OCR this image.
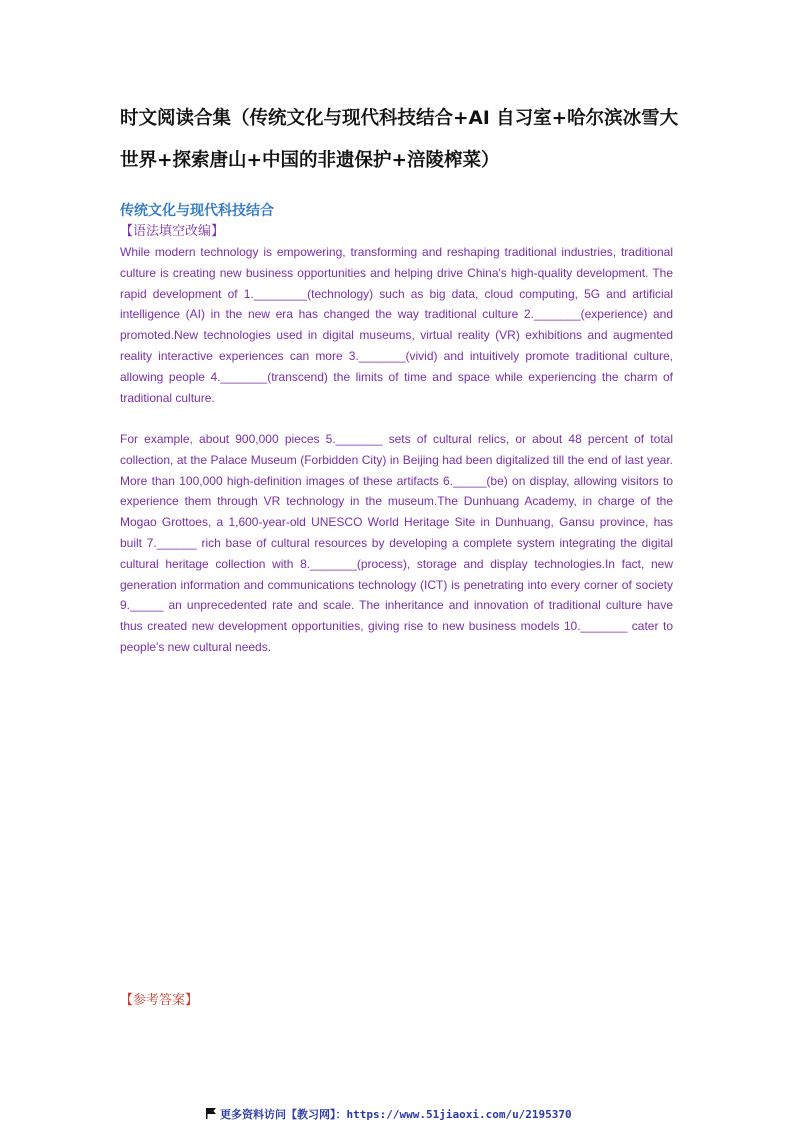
时文阅读合集（传统文化与现代科技结合+AI 自习室+哈尔滨冰雪大世界+探索唐山+中国的非遗保护+涪陵榨菜）
传统文化与现代科技结合
【语法填空改编】

While modern technology is empowering, transforming and reshaping traditional industries, traditional culture is creating new business opportunities and helping drive China's high-quality development. The rapid development of 1.________(technology) such as big data, cloud computing, 5G and artificial intelligence (AI) in the new era has changed the way traditional culture 2._______(experience) and promoted.New technologies used in digital museums, virtual reality (VR) exhibitions and augmented reality interactive experiences can more 3._______(vivid) and intuitively promote traditional culture, allowing people 4._______(transcend) the limits of time and space while experiencing the charm of traditional culture.

For example, about 900,000 pieces 5._______ sets of cultural relics, or about 48 percent of total collection, at the Palace Museum (Forbidden City) in Beijing had been digitalized till the end of last year. More than 100,000 high-definition images of these artifacts 6._____(be) on display, allowing visitors to experience them through VR technology in the museum.The Dunhuang Academy, in charge of the Mogao Grottoes, a 1,600-year-old UNESCO World Heritage Site in Dunhuang, Gansu province, has built 7.______ rich base of cultural resources by developing a complete system integrating the digital cultural heritage collection with 8._______(process), storage and display technologies.In fact, new generation information and communications technology (ICT) is penetrating into every corner of society 9._____ an unprecedented rate and scale. The inheritance and innovation of traditional culture have thus created new development opportunities, giving rise to new business models 10._______ cater to people's new cultural needs.

【参考答案】
更多资料访问【教习网】：https://www.51jiaoxi.com/u/2195370
